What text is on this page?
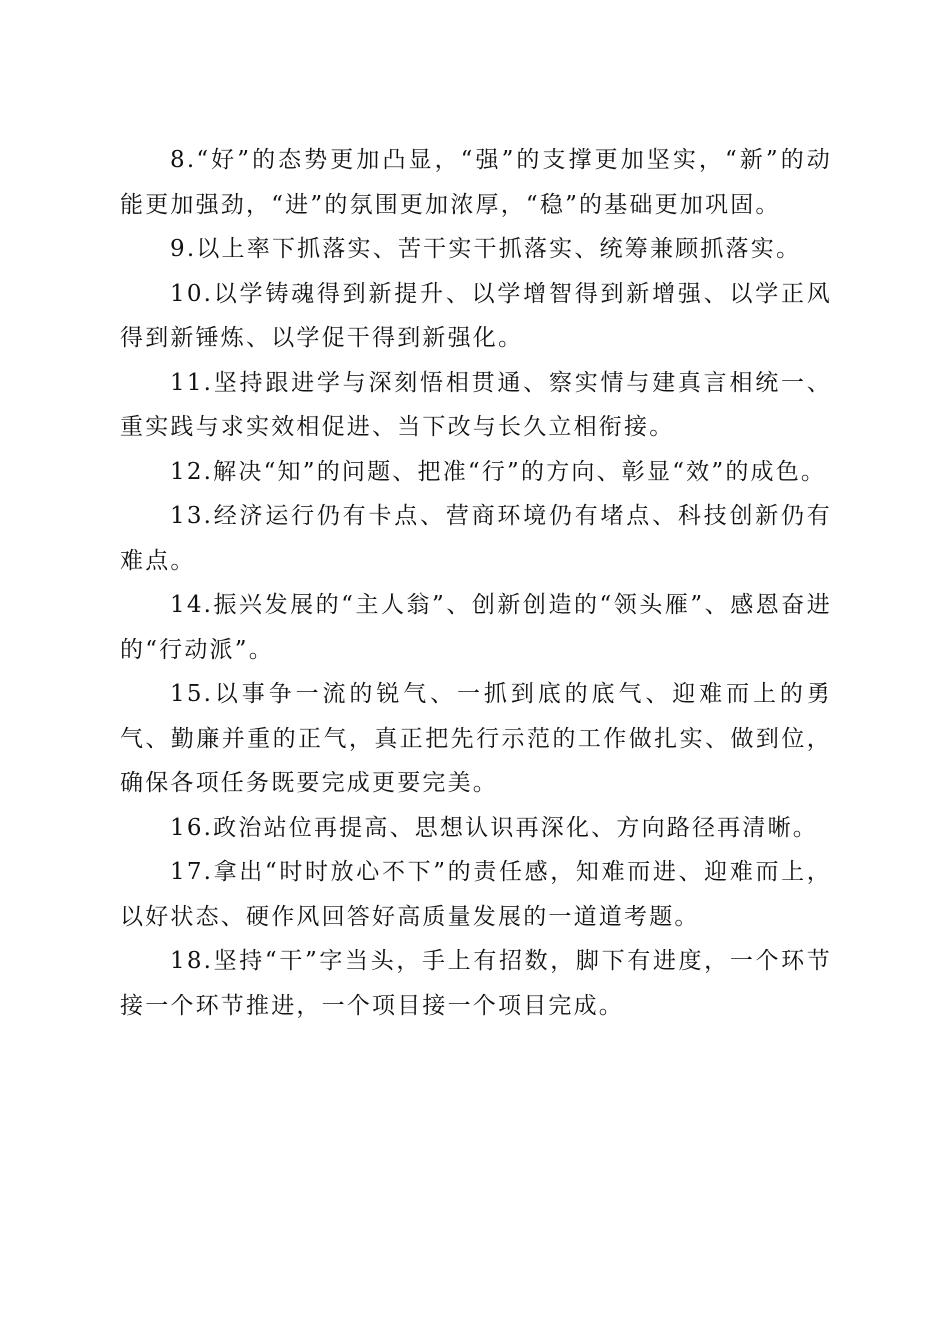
8.“好”的态势更加凸显，“强”的支撑更加坚实，“新”的动能更加强劲，“进”的氛围更加浓厚，“稳”的基础更加巩固。

9.以上率下抓落实、苦干实干抓落实、统筹兼顾抓落实。

10.以学铸魂得到新提升、以学增智得到新增强、以学正风得到新锤炼、以学促干得到新强化。

11.坚持跟进学与深刻悟相贯通、察实情与建真言相统一、重实践与求实效相促进、当下改与长久立相衔接。

12.解决“知”的问题、把准“行”的方向、彰显“效”的成色。

13.经济运行仍有卡点、营商环境仍有堵点、科技创新仍有难点。

14.振兴发展的“主人翁”、创新创造的“领头雁”、感恩奋进的“行动派”。

15.以事争一流的锐气、一抓到底的底气、迎难而上的勇气、勤廉并重的正气，真正把先行示范的工作做扎实、做到位，确保各项任务既要完成更要完美。

16.政治站位再提高、思想认识再深化、方向路径再清晰。

17.拿出“时时放心不下”的责任感，知难而进、迎难而上，以好状态、硬作风回答好高质量发展的一道道考题。

18.坚持“干”字当头，手上有招数，脚下有进度，一个环节接一个环节推进，一个项目接一个项目完成。
